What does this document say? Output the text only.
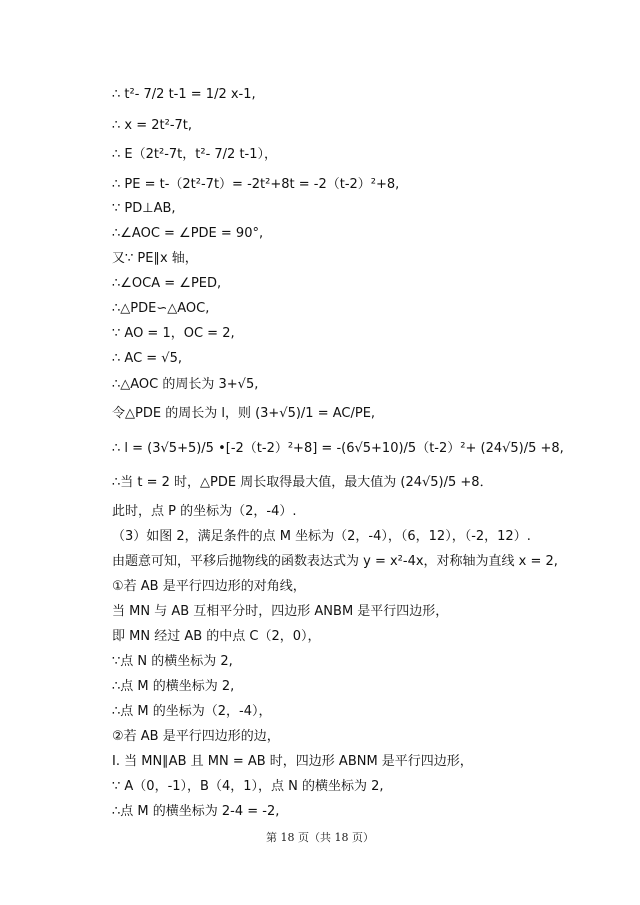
∴ t²- 7/2 t-1 = 1/2 x-1,
∴ x = 2t²-7t,
∴ E（2t²-7t，t²- 7/2 t-1），
∴ PE = t-（2t²-7t）= -2t²+8t = -2（t-2）²+8,
∵ PD⊥AB,
∴∠AOC = ∠PDE = 90°,
又∵ PE∥x 轴，
∴∠OCA = ∠PED,
∴△PDE∽△AOC,
∵ AO = 1，OC = 2,
∴ AC = √5,
∴△AOC 的周长为 3+√5,
令△PDE 的周长为 l，则 (3+√5)/1 = AC/PE,
∴ l = (3√5+5)/5 •[-2（t-2）²+8] = -(6√5+10)/5（t-2）²+ (24√5)/5 +8,
∴当 t = 2 时，△PDE 周长取得最大值，最大值为 (24√5)/5 +8．
此时，点 P 的坐标为（2，-4）.
（3）如图 2，满足条件的点 M 坐标为（2，-4），（6，12），（-2，12）.
由题意可知，平移后抛物线的函数表达式为 y = x²-4x，对称轴为直线 x = 2,
①若 AB 是平行四边形的对角线，
当 MN 与 AB 互相平分时，四边形 ANBM 是平行四边形，
即 MN 经过 AB 的中点 C（2，0），
∵点 N 的横坐标为 2,
∴点 M 的横坐标为 2,
∴点 M 的坐标为（2，-4），
②若 AB 是平行四边形的边，
Ⅰ. 当 MN∥AB 且 MN = AB 时，四边形 ABNM 是平行四边形，
∵ A（0，-1），B（4，1），点 N 的横坐标为 2,
∴点 M 的横坐标为 2-4 = -2,
第 18 页（共 18 页）
